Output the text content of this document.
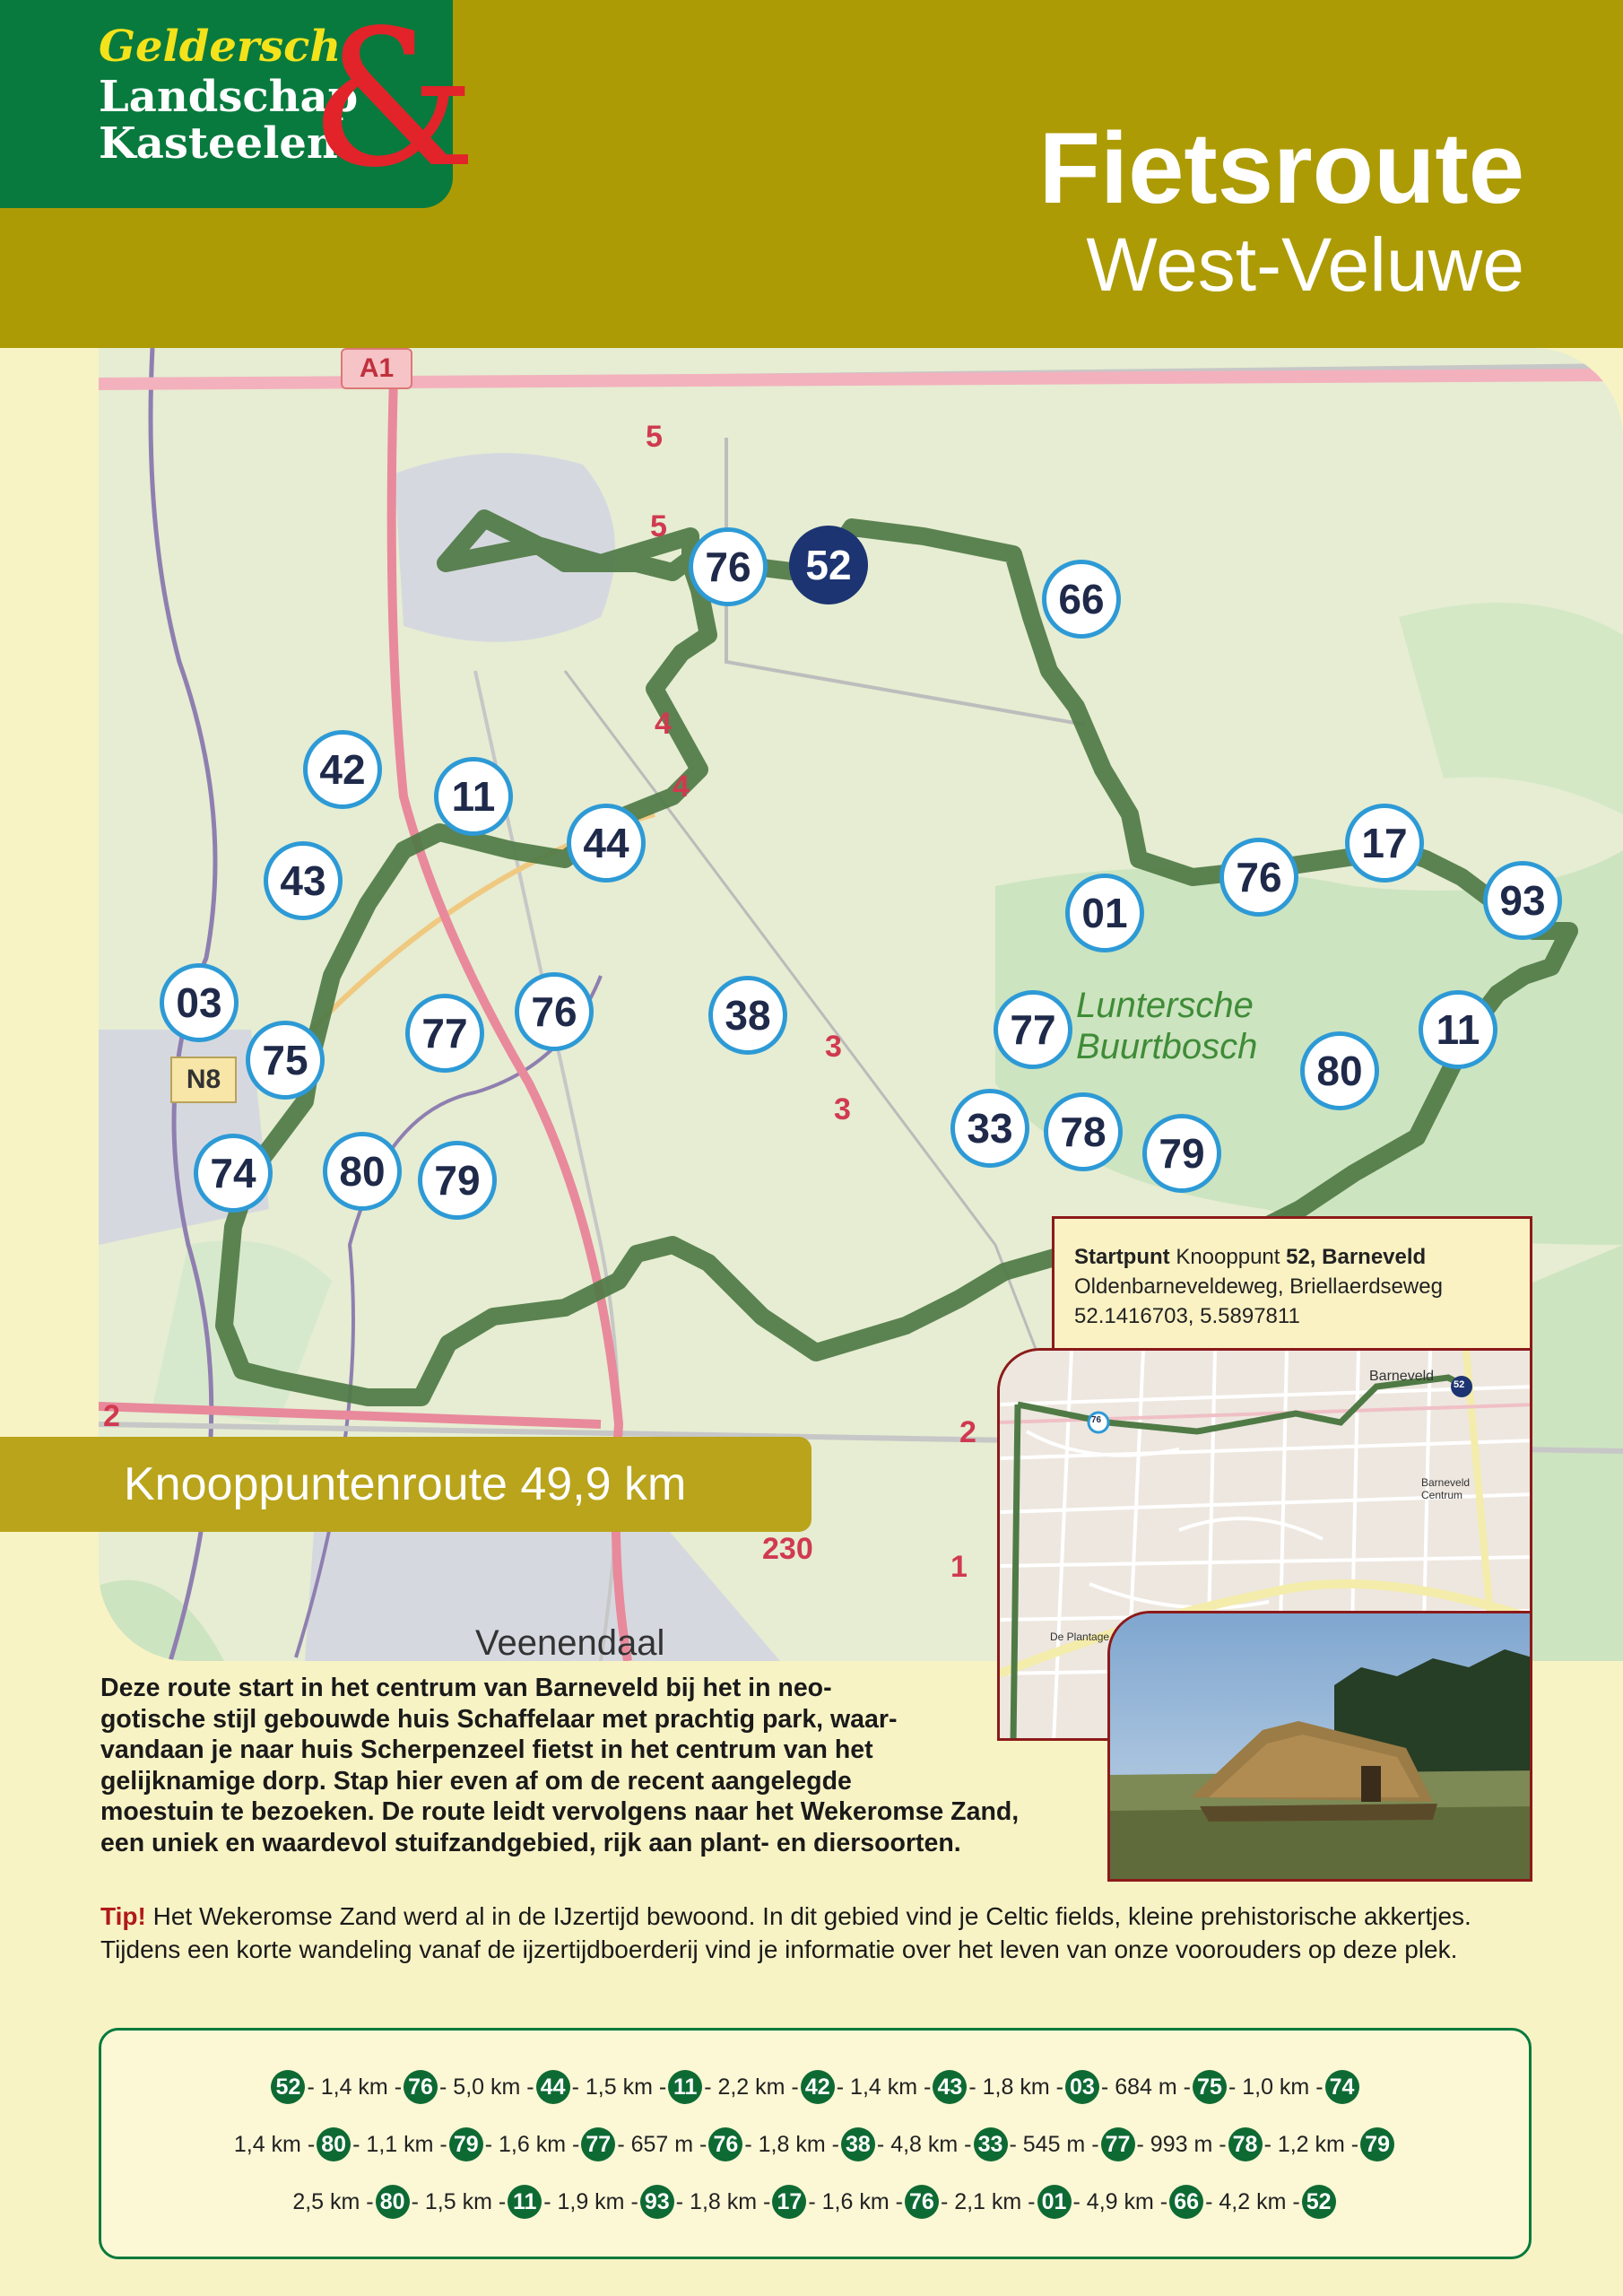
Geldersch
Landschap
Kasteelen
&	Fietsroute
West-Veluwe
A1
N8
5
5
4
4
3
3
2	2
1
230
Veenendaal
Luntersche
Buurtbosch
76	52
66
42
11
44
43
03
75
74	80	79
77	76	38
01
76
17
93
11
80
77
33	78	79
Knooppuntenroute 49,9 km
Startpunt Knooppunt 52, Barneveld
Oldenbarneveldeweg, Briellaerdseweg
52.1416703, 5.5897811
Barneveld
Barneveld Centrum
76
52
De Plantage
Deze route start in het centrum van Barneveld bij het in neo-
gotische stijl gebouwde huis Schaffelaar met prachtig park, waar-
vandaan je naar huis Scherpenzeel fietst in het centrum van het
gelijknamige dorp. Stap hier even af om de recent aangelegde
moestuin te bezoeken. De route leidt vervolgens naar het Wekeromse Zand,
een uniek en waardevol stuifzandgebied, rijk aan plant- en diersoorten.
Tip! Het Wekeromse Zand werd al in de IJzertijd bewoond. In dit gebied vind je Celtic fields, kleine prehistorische akkertjes. Tijdens een korte wandeling vanaf de ijzertijdboerderij vind je informatie over het leven van onze voorouders op deze plek.
52- 1,4 km -76- 5,0 km -44- 1,5 km -11- 2,2 km -42- 1,4 km -43- 1,8 km -03- 684 m -75- 1,0 km -74
1,4 km -80- 1,1 km -79- 1,6 km -77- 657 m -76- 1,8 km -38- 4,8 km -33- 545 m -77- 993 m -78- 1,2 km -79
2,5 km -80- 1,5 km -11- 1,9 km -93- 1,8 km -17- 1,6 km -76- 2,1 km -01- 4,9 km -66- 4,2 km -52
